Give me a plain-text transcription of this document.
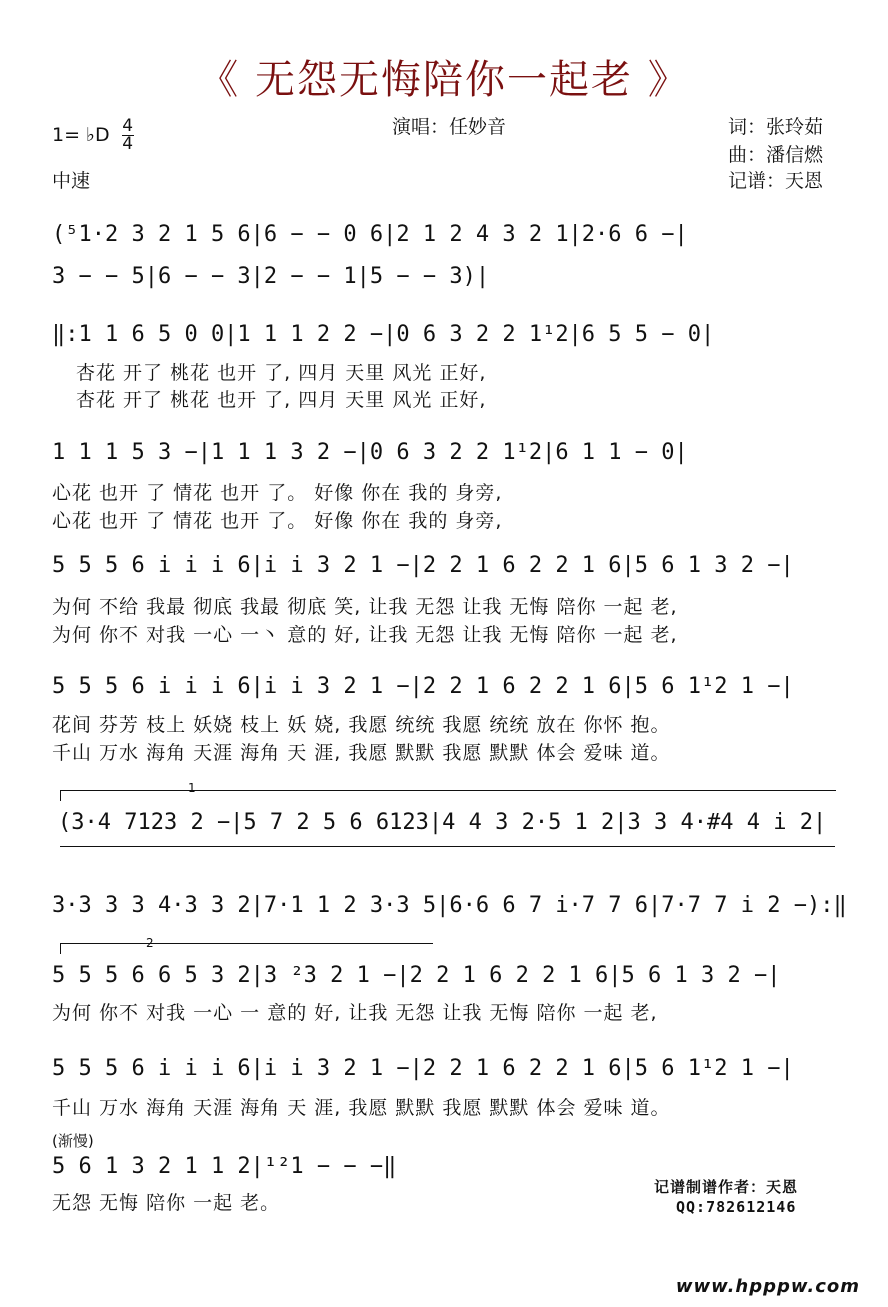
《 无怨无悔陪你一起老 》
1= ♭D $\frac{4}{4}$
中速
演唱：任妙音	词：张玲茹
曲：潘信燃
记谱：天恩
(⁵1·2 3 2 1 5 6|6 − − 0 6|2 1 2 4 3 2 1|2·6 6 −|
3 − − 5|6 − − 3|2 − − 1|5 − − 3)|
‖:1 1 6 5 0 0|1 1 1 2 2 −|0 6 3 2 2 1¹2|6 5 5 − 0|
杏花 开了 桃花 也开 了, 四月 天里 风光 正好,
杏花 开了 桃花 也开 了, 四月 天里 风光 正好,
1 1 1 5 3 −|1 1 1 3 2 −|0 6 3 2 2 1¹2|6 1 1 − 0|
心花 也开 了 情花 也开 了。 好像 你在 我的 身旁,
心花 也开 了 情花 也开 了。 好像 你在 我的 身旁,
5 5 5 6 i i i 6|i i 3 2 1 −|2 2 1 6 2 2 1 6|5 6 1 3 2 −|
为何 不给 我最 彻底 我最 彻底 笑, 让我 无怨 让我 无悔 陪你 一起 老,
为何 你不 对我 一心 一丶 意的 好, 让我 无怨 让我 无悔 陪你 一起 老,
5 5 5 6 i i i 6|i i 3 2 1 −|2 2 1 6 2 2 1 6|5 6 1¹2 1 −|
花间 芬芳 枝上 妖娆 枝上 妖 娆, 我愿 统统 我愿 统统 放在 你怀 抱。
千山 万水 海角 天涯 海角 天 涯, 我愿 默默 我愿 默默 体会 爱味 道。
1
(3·4 7123 2 −|5 7 2 5 6 6123|4 4 3 2·5 1 2|3 3 4·#4 4 i 2|
3·3 3 3 4·3 3 2|7·1 1 2 3·3 5|6·6 6 7 i·7 7 6|7·7 7 i 2 −):‖
2
5 5 5 6 6 5 3 2|3 ²3 2 1 −|2 2 1 6 2 2 1 6|5 6 1 3 2 −|
为何 你不 对我 一心 一 意的 好, 让我 无怨 让我 无悔 陪你 一起 老,
5 5 5 6 i i i 6|i i 3 2 1 −|2 2 1 6 2 2 1 6|5 6 1¹2 1 −|
千山 万水 海角 天涯 海角 天 涯, 我愿 默默 我愿 默默 体会 爱味 道。
(渐慢)
5 6 1 3 2 1 1 2|¹²1 − − −‖
无怨 无悔 陪你 一起 老。
记谱制谱作者：天恩
QQ:782612146
www.hpppw.com
